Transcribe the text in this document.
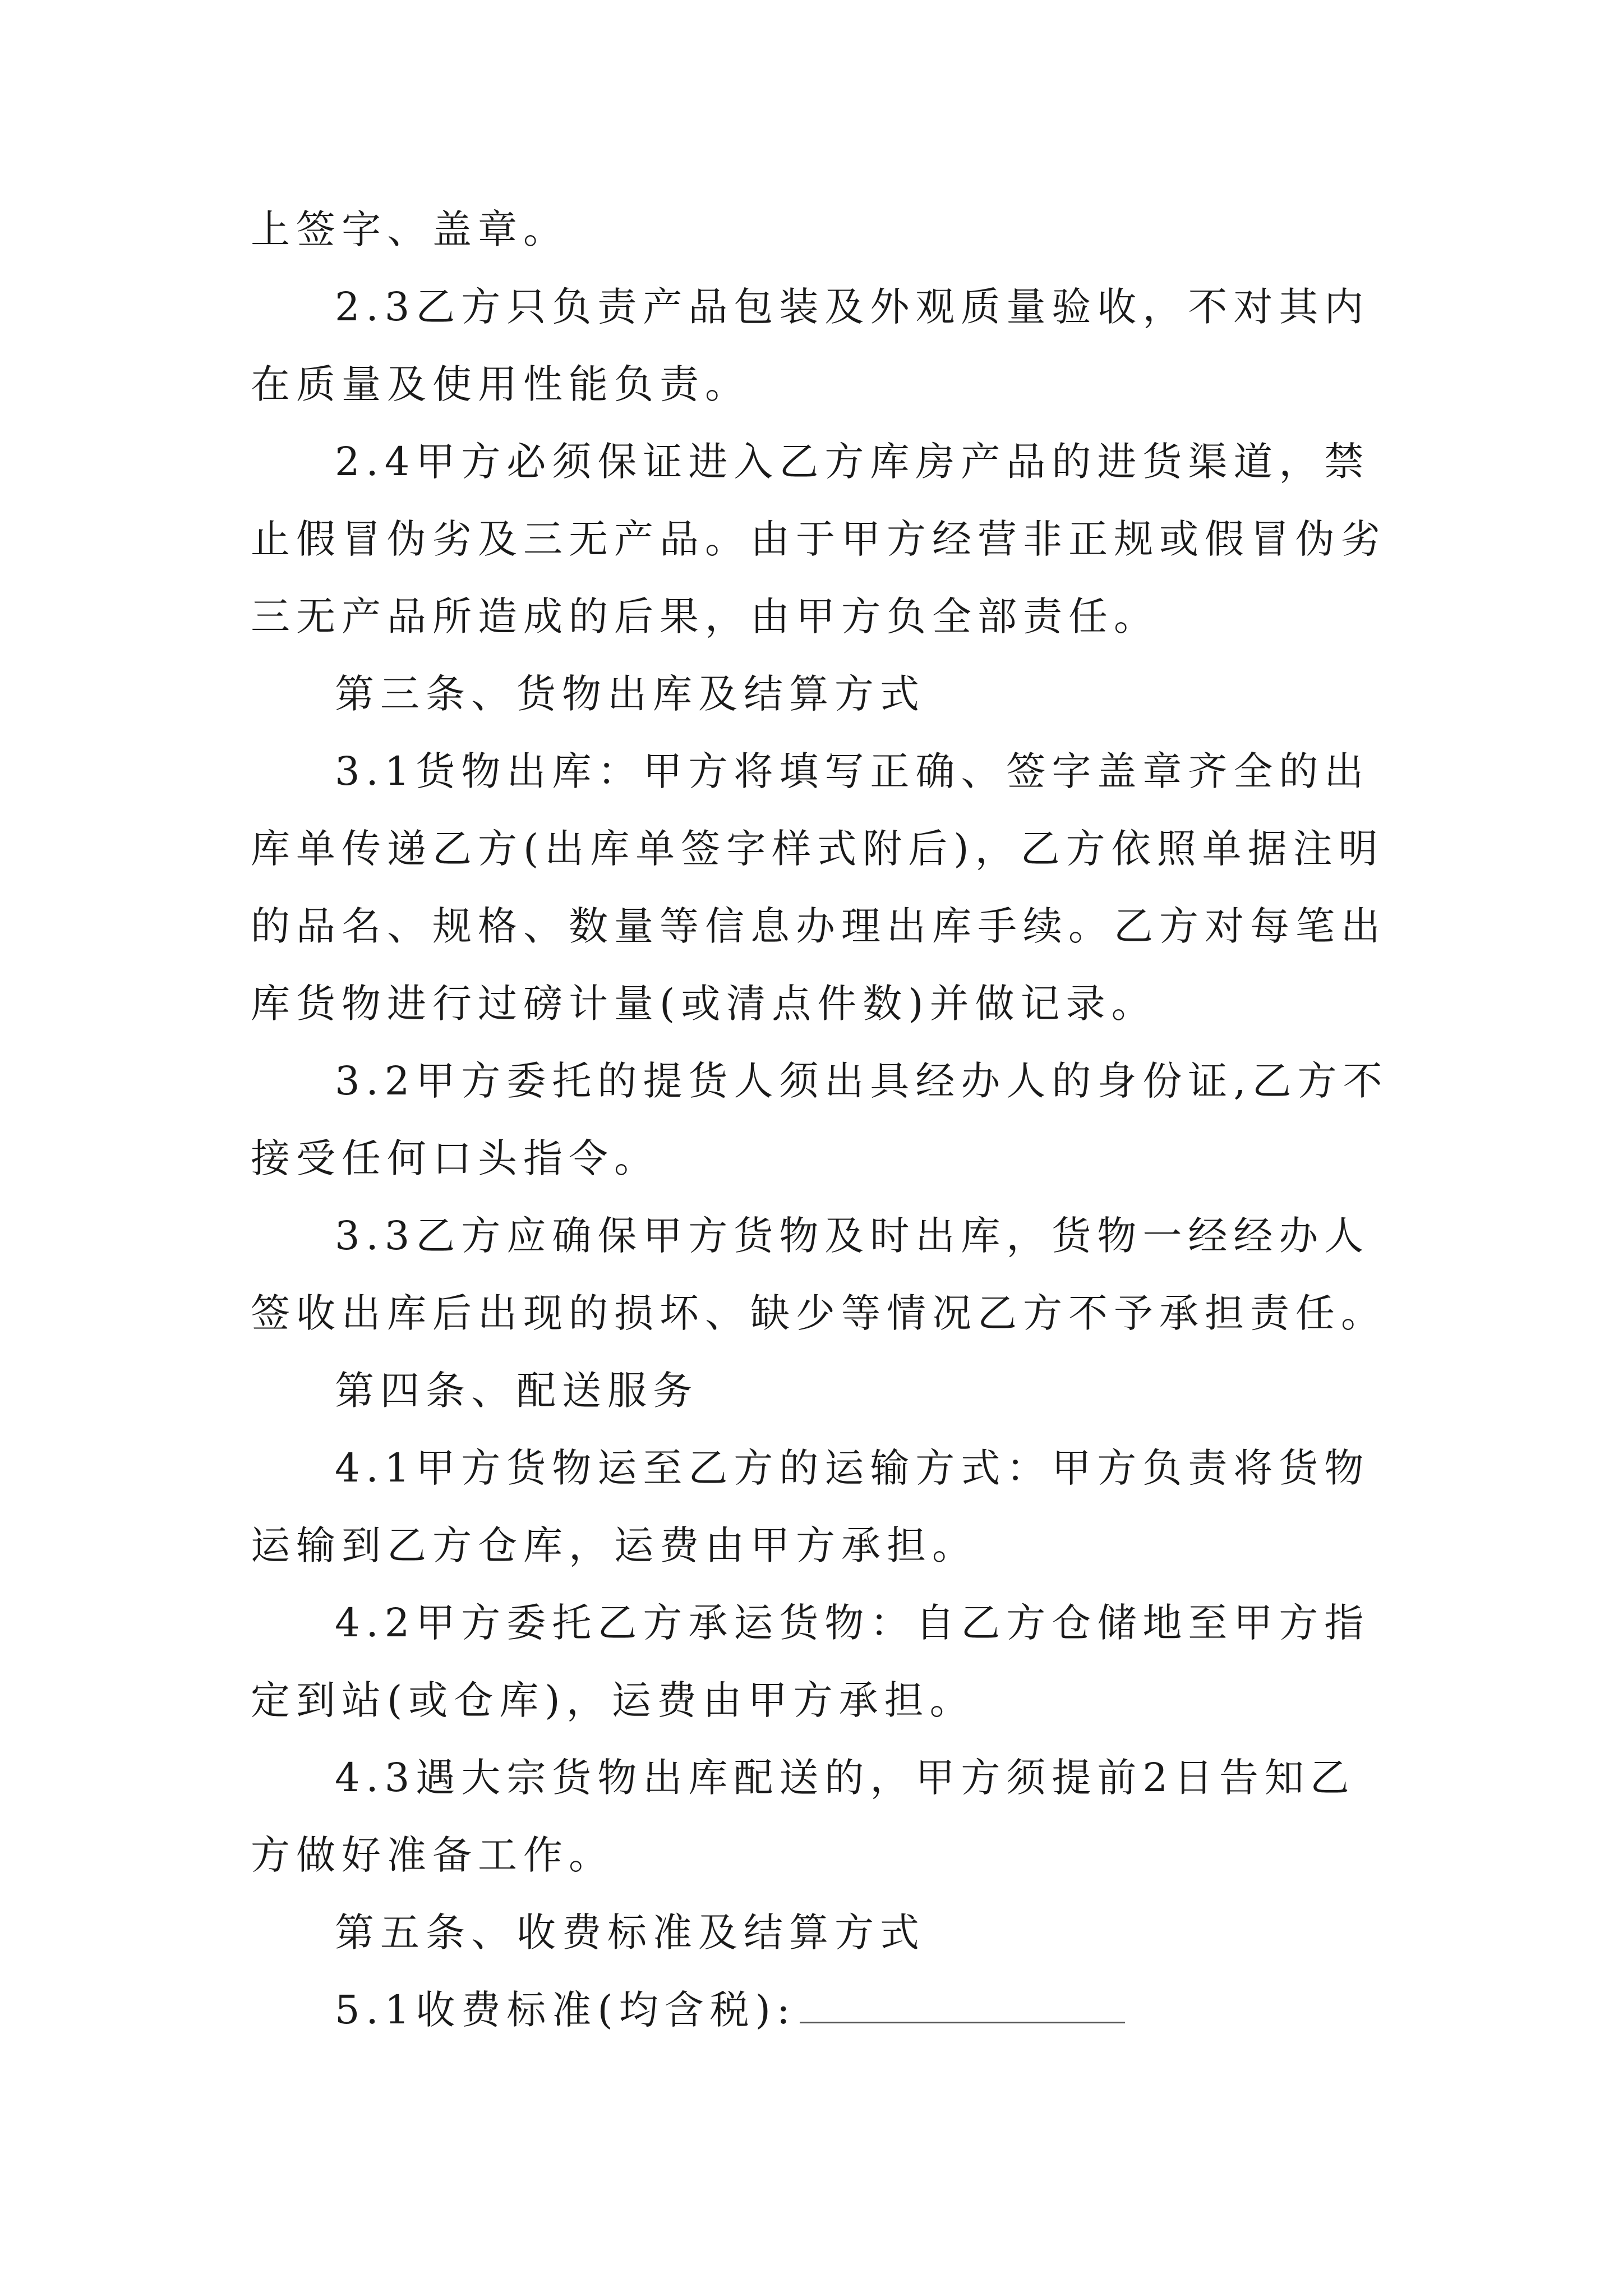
上签字、盖章。

2.3乙方只负责产品包装及外观质量验收，不对其内在质量及使用性能负责。

2.4甲方必须保证进入乙方库房产品的进货渠道，禁止假冒伪劣及三无产品。由于甲方经营非正规或假冒伪劣三无产品所造成的后果，由甲方负全部责任。

第三条、货物出库及结算方式

3.1货物出库：甲方将填写正确、签字盖章齐全的出库单传递乙方(出库单签字样式附后)，乙方依照单据注明的品名、规格、数量等信息办理出库手续。乙方对每笔出库货物进行过磅计量(或清点件数)并做记录。

3.2甲方委托的提货人须出具经办人的身份证,乙方不接受任何口头指令。

3.3乙方应确保甲方货物及时出库，货物一经经办人签收出库后出现的损坏、缺少等情况乙方不予承担责任。

第四条、配送服务

4.1甲方货物运至乙方的运输方式：甲方负责将货物运输到乙方仓库，运费由甲方承担。

4.2甲方委托乙方承运货物：自乙方仓储地至甲方指定到站(或仓库)，运费由甲方承担。

4.3遇大宗货物出库配送的，甲方须提前2日告知乙方做好准备工作。

第五条、收费标准及结算方式

5.1收费标准(均含税):
